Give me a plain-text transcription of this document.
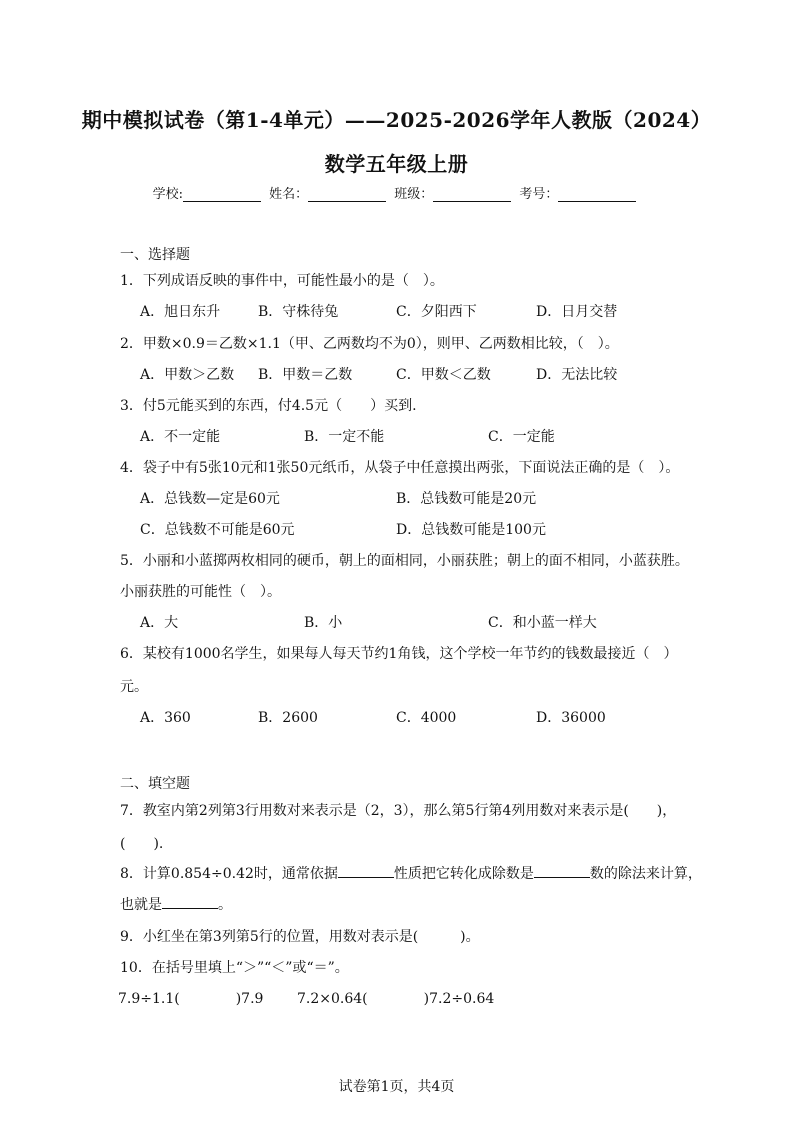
期中模拟试卷（第1-4单元）——2025-2026学年人教版（2024）
数学五年级上册
学校:	姓名：	班级：	考号：
一、选择题
1．下列成语反映的事件中，可能性最小的是（　）。
A．旭日东升	B．守株待兔	C．夕阳西下	D．日月交替
2．甲数×0.9＝乙数×1.1（甲、乙两数均不为0），则甲、乙两数相比较，（　）。
A．甲数＞乙数 B．甲数＝乙数	C．甲数＜乙数	D．无法比较
3．付5元能买到的东西，付4.5元（　　）买到.
A．不一定能	B．一定不能	C．一定能
4．袋子中有5张10元和1张50元纸币，从袋子中任意摸出两张，下面说法正确的是（　）。
A．总钱数—定是60元	B．总钱数可能是20元
C．总钱数不可能是60元	D．总钱数可能是100元
5．小丽和小蓝掷两枚相同的硬币，朝上的面相同，小丽获胜；朝上的面不相同，小蓝获胜。
小丽获胜的可能性（　）。
A．大	B．小	C．和小蓝一样大
6．某校有1000名学生，如果每人每天节约1角钱，这个学校一年节约的钱数最接近（　）
元。
A．360	B．2600	C．4000	D．36000
二、填空题
7．教室内第2列第3行用数对来表示是（2，3），那么第5行第4列用数对来表示是(　　)，
(　　).
8．计算0.854÷0.42时，通常依据	性质把它转化成除数是	数的除法来计算，
也就是	。
9．小红坐在第3列第5行的位置，用数对表示是(　　　)。
10．在括号里填上“＞”“＜”或“＝”。
7.9÷1.1(　　　　)7.9 7.2×0.64(　　　　)7.2÷0.64
试卷第1页，共4页
